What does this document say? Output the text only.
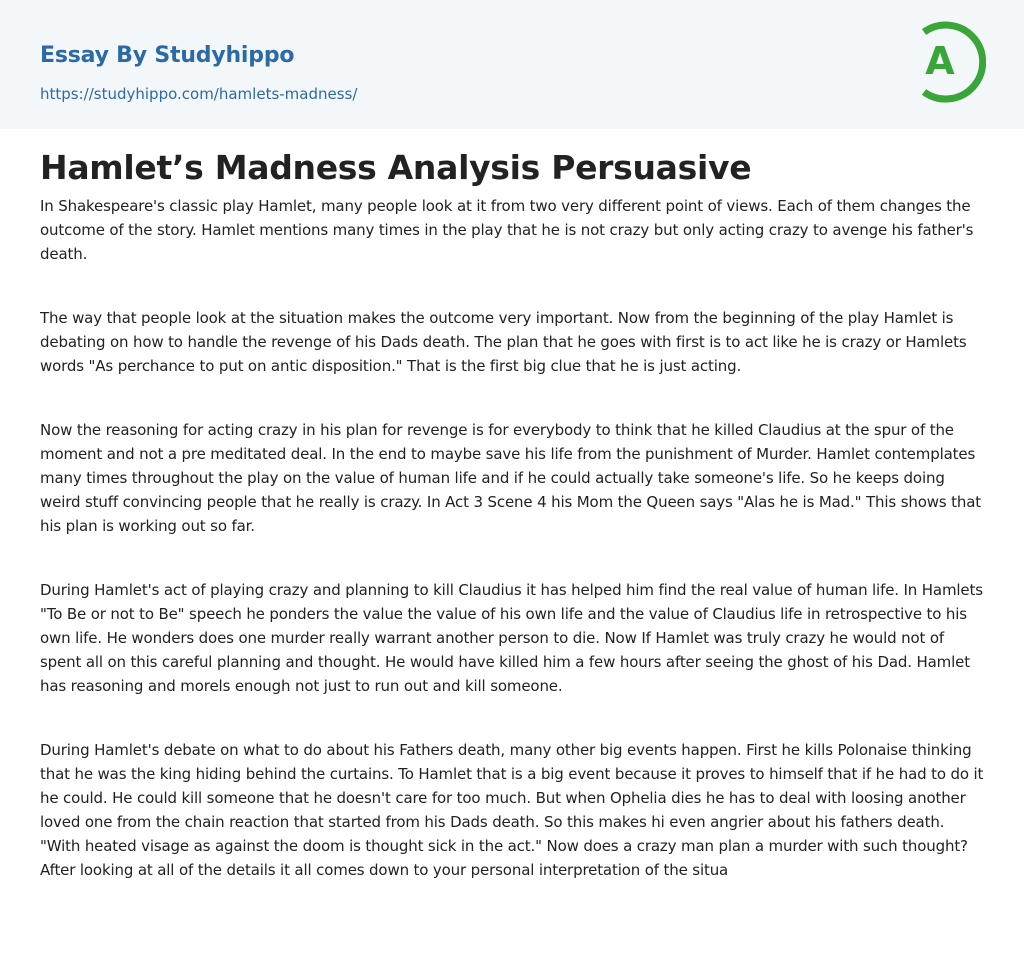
Essay By Studyhippo
https://studyhippo.com/hamlets-madness/
A
Hamlet’s Madness Analysis Persuasive

In Shakespeare's classic play Hamlet, many people look at it from two very different point of views. Each of them changes the outcome of the story. Hamlet mentions many times in the play that he is not crazy but only acting crazy to avenge his father's death.

The way that people look at the situation makes the outcome very important. Now from the beginning of the play Hamlet is debating on how to handle the revenge of his Dads death. The plan that he goes with first is to act like he is crazy or Hamlets words "As perchance to put on antic disposition." That is the first big clue that he is just acting.

Now the reasoning for acting crazy in his plan for revenge is for everybody to think that he killed Claudius at the spur of the moment and not a pre meditated deal. In the end to maybe save his life from the punishment of Murder. Hamlet contemplates many times throughout the play on the value of human life and if he could actually take someone's life. So he keeps doing weird stuff convincing people that he really is crazy. In Act 3 Scene 4 his Mom the Queen says "Alas he is Mad." This shows that his plan is working out so far.

During Hamlet's act of playing crazy and planning to kill Claudius it has helped him find the real value of human life. In Hamlets "To Be or not to Be" speech he ponders the value the value of his own life and the value of Claudius life in retrospective to his own life. He wonders does one murder really warrant another person to die. Now If Hamlet was truly crazy he would not of spent all on this careful planning and thought. He would have killed him a few hours after seeing the ghost of his Dad. Hamlet has reasoning and morels enough not just to run out and kill someone.

During Hamlet's debate on what to do about his Fathers death, many other big events happen. First he kills Polonaise thinking that he was the king hiding behind the curtains. To Hamlet that is a big event because it proves to himself that if he had to do it he could. He could kill someone that he doesn't care for too much. But when Ophelia dies he has to deal with loosing another loved one from the chain reaction that started from his Dads death. So this makes hi even angrier about his fathers death.

"With heated visage as against the doom is thought sick in the act." Now does a crazy man plan a murder with such thought? After looking at all of the details it all comes down to your personal interpretation of the situa
